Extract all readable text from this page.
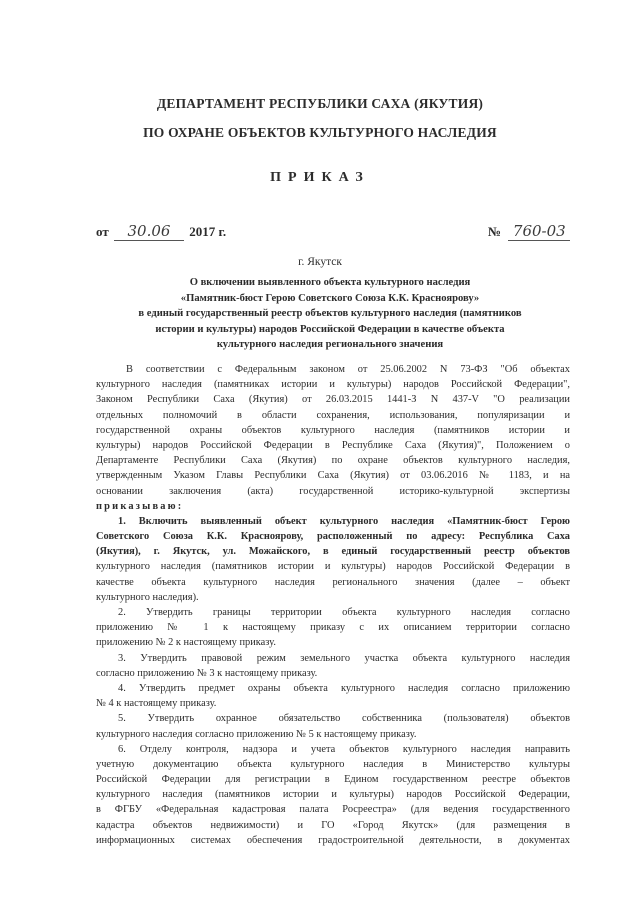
ДЕПАРТАМЕНТ РЕСПУБЛИКИ САХА (ЯКУТИЯ)
ПО ОХРАНЕ ОБЪЕКТОВ КУЛЬТУРНОГО НАСЛЕДИЯ
ПРИКАЗ
от 30.06 2017 г.	№ 760-03
г. Якутск
О включении выявленного объекта культурного наследия
«Памятник-бюст Герою Советского Союза К.К. Красноярову»
в единый государственный реестр объектов культурного наследия (памятников
истории и культуры) народов Российской Федерации в качестве объекта
культурного наследия регионального значения
В соответствии с Федеральным законом от 25.06.2002 N 73-ФЗ "Об объектах
культурного наследия (памятниках истории и культуры) народов Российской Федерации",
Законом Республики Саха (Якутия) от 26.03.2015 1441-З N 437-V "О реализации
отдельных полномочий в области сохранения, использования, популяризации и
государственной охраны объектов культурного наследия (памятников истории и
культуры) народов Российской Федерации в Республике Саха (Якутия)", Положением о
Департаменте Республики Саха (Якутия) по охране объектов культурного наследия,
утвержденным Указом Главы Республики Саха (Якутия) от 03.06.2016 № 1183, и на
основании заключения (акта) государственной историко-культурной экспертизы
приказываю:
1. Включить выявленный объект культурного наследия «Памятник-бюст Герою
Советского Союза К.К. Красноярову, расположенный по адресу: Республика Саха
(Якутия), г. Якутск, ул. Можайского, в единый государственный реестр объектов
культурного наследия (памятников истории и культуры) народов Российской Федерации в
качестве объекта культурного наследия регионального значения (далее – объект
культурного наследия).
2. Утвердить границы территории объекта культурного наследия согласно
приложению № 1 к настоящему приказу с их описанием территории согласно
приложению № 2 к настоящему приказу.
3. Утвердить правовой режим земельного участка объекта культурного наследия
согласно приложению № 3 к настоящему приказу.
4. Утвердить предмет охраны объекта культурного наследия согласно приложению
№ 4 к настоящему приказу.
5. Утвердить охранное обязательство собственника (пользователя) объектов
культурного наследия согласно приложению № 5 к настоящему приказу.
6. Отделу контроля, надзора и учета объектов культурного наследия направить
учетную документацию объекта культурного наследия в Министерство культуры
Российской Федерации для регистрации в Едином государственном реестре объектов
культурного наследия (памятников истории и культуры) народов Российской Федерации,
в ФГБУ «Федеральная кадастровая палата Росреестра» (для ведения государственного
кадастра объектов недвижимости) и ГО «Город Якутск» (для размещения в
информационных системах обеспечения градостроительной деятельности, в документах
